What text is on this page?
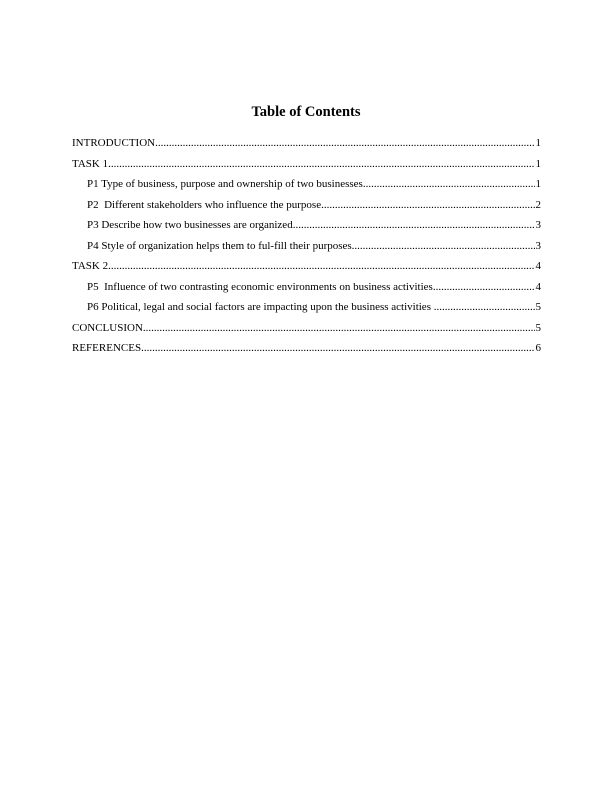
Table of Contents
INTRODUCTION .....	1
TASK 1 .....	1
P1 Type of business, purpose and ownership of two businesses .....	1
P2  Different stakeholders who influence the purpose .....	2
P3 Describe how two businesses are organized .....	3
P4 Style of organization helps them to ful-fill their purposes .....	3
TASK 2 .....	4
P5  Influence of two contrasting economic environments on business activities .....	4
P6 Political, legal and social factors are impacting upon the business activities .....	5
CONCLUSION .....	5
REFERENCES .....	6
